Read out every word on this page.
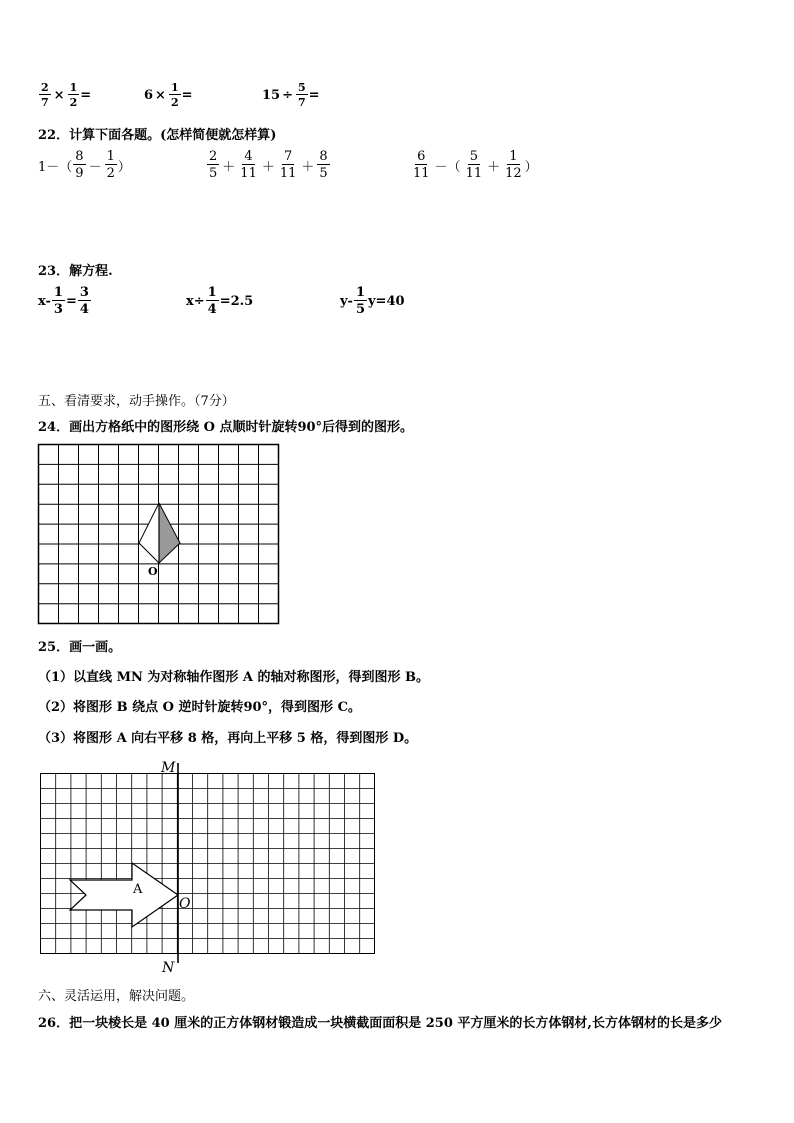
$\frac{2}{7} \times \frac{1}{2}$ =	$6 \times \frac{1}{2}$ =	$15 \div \frac{5}{7}$ =
22．计算下面各题。(怎样简便就怎样算)
$1-( \frac{8}{9} - \frac{1}{2}$ ）	$\frac{2}{5} + \frac{4}{11} + \frac{7}{11} + \frac{8}{5}$	$\frac{6}{11}$ －（ $\frac{5}{11} + \frac{1}{12}$ ）
23．解方程.
$x- \frac{1}{3} = \frac{3}{4}$	$x\div \frac{1}{4} =2.5$	$y- \frac{1}{5} y=40$
五、看清要求，动手操作。（7分）
24．画出方格纸中的图形绕 O 点顺时针旋转90°后得到的图形。
O
25．画一画。
（1）以直线 MN 为对称轴作图形 A 的轴对称图形，得到图形 B。
（2）将图形 B 绕点 O 逆时针旋转90°，得到图形 C。
（3）将图形 A 向右平移 8 格，再向上平移 5 格，得到图形 D。
M
N
A
O
六、灵活运用，解决问题。
26．把一块棱长是 40 厘米的正方体钢材锻造成一块横截面面积是 250 平方厘米的长方体钢材,长方体钢材的长是多少
